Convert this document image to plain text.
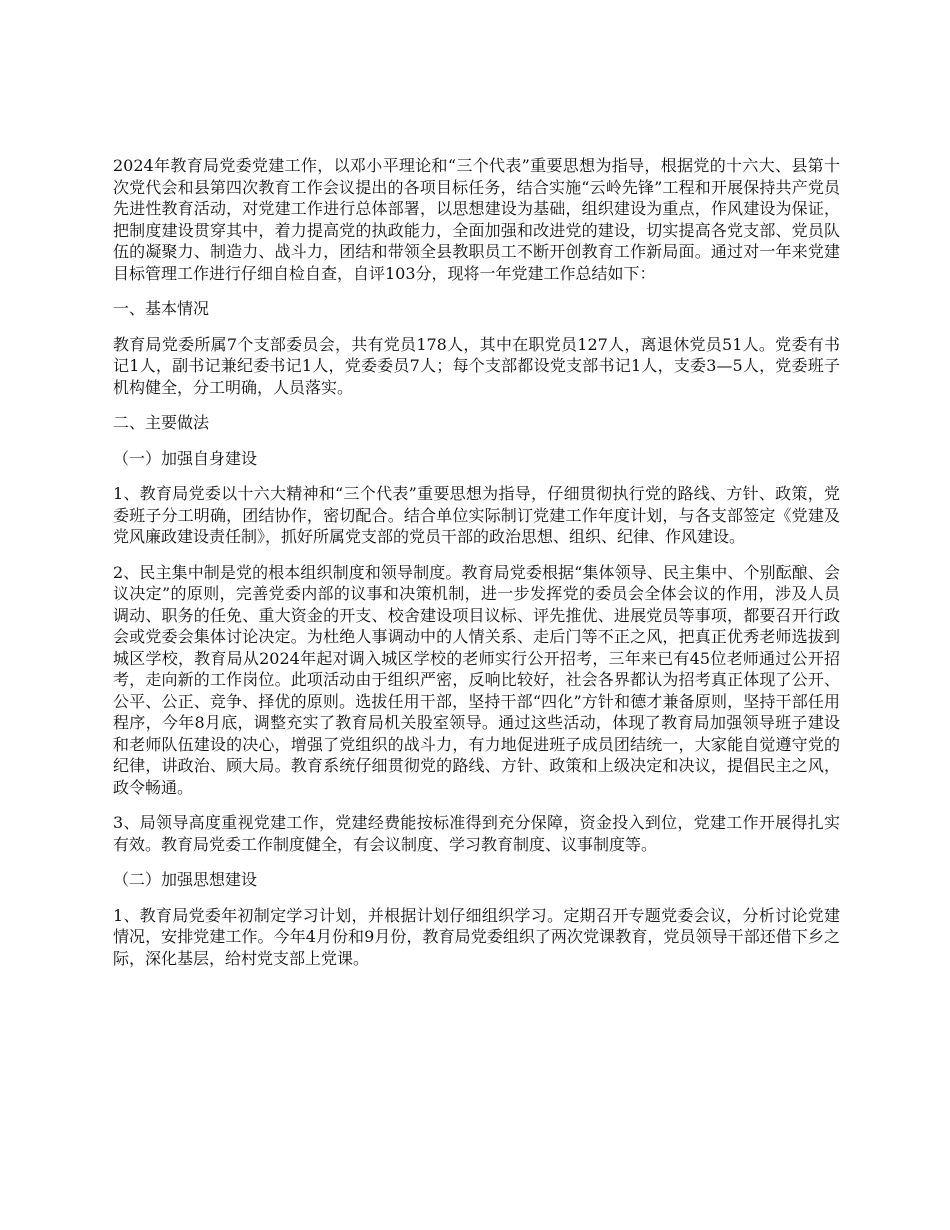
2024年教育局党委党建工作，以邓小平理论和“三个代表”重要思想为指导，根据党的十六大、县第十次党代会和县第四次教育工作会议提出的各项目标任务，结合实施“云岭先锋”工程和开展保持共产党员先进性教育活动，对党建工作进行总体部署，以思想建设为基础，组织建设为重点，作风建设为保证，把制度建设贯穿其中，着力提高党的执政能力，全面加强和改进党的建设，切实提高各党支部、党员队伍的凝聚力、制造力、战斗力，团结和带领全县教职员工不断开创教育工作新局面。通过对一年来党建目标管理工作进行仔细自检自查，自评103分，现将一年党建工作总结如下：

一、基本情况

教育局党委所属7个支部委员会，共有党员178人，其中在职党员127人，离退休党员51人。党委有书记1人，副书记兼纪委书记1人，党委委员7人；每个支部都设党支部书记1人，支委3—5人，党委班子机构健全，分工明确，人员落实。

二、主要做法

（一）加强自身建设

1、教育局党委以十六大精神和“三个代表”重要思想为指导，仔细贯彻执行党的路线、方针、政策，党委班子分工明确，团结协作，密切配合。结合单位实际制订党建工作年度计划，与各支部签定《党建及党风廉政建设责任制》，抓好所属党支部的党员干部的政治思想、组织、纪律、作风建设。

2、民主集中制是党的根本组织制度和领导制度。教育局党委根据“集体领导、民主集中、个别酝酿、会议决定”的原则，完善党委内部的议事和决策机制，进一步发挥党的委员会全体会议的作用，涉及人员调动、职务的任免、重大资金的开支、校舍建设项目议标、评先推优、进展党员等事项，都要召开行政会或党委会集体讨论决定。为杜绝人事调动中的人情关系、走后门等不正之风，把真正优秀老师选拔到城区学校，教育局从2024年起对调入城区学校的老师实行公开招考，三年来已有45位老师通过公开招考，走向新的工作岗位。此项活动由于组织严密，反响比较好，社会各界都认为招考真正体现了公开、公平、公正、竞争、择优的原则。选拔任用干部，坚持干部“四化”方针和德才兼备原则，坚持干部任用程序，今年8月底，调整充实了教育局机关股室领导。通过这些活动，体现了教育局加强领导班子建设和老师队伍建设的决心，增强了党组织的战斗力，有力地促进班子成员团结统一，大家能自觉遵守党的纪律，讲政治、顾大局。教育系统仔细贯彻党的路线、方针、政策和上级决定和决议，提倡民主之风，政令畅通。

3、局领导高度重视党建工作，党建经费能按标准得到充分保障，资金投入到位，党建工作开展得扎实有效。教育局党委工作制度健全，有会议制度、学习教育制度、议事制度等。

（二）加强思想建设

1、教育局党委年初制定学习计划，并根据计划仔细组织学习。定期召开专题党委会议，分析讨论党建情况，安排党建工作。今年4月份和9月份，教育局党委组织了两次党课教育，党员领导干部还借下乡之际，深化基层，给村党支部上党课。
